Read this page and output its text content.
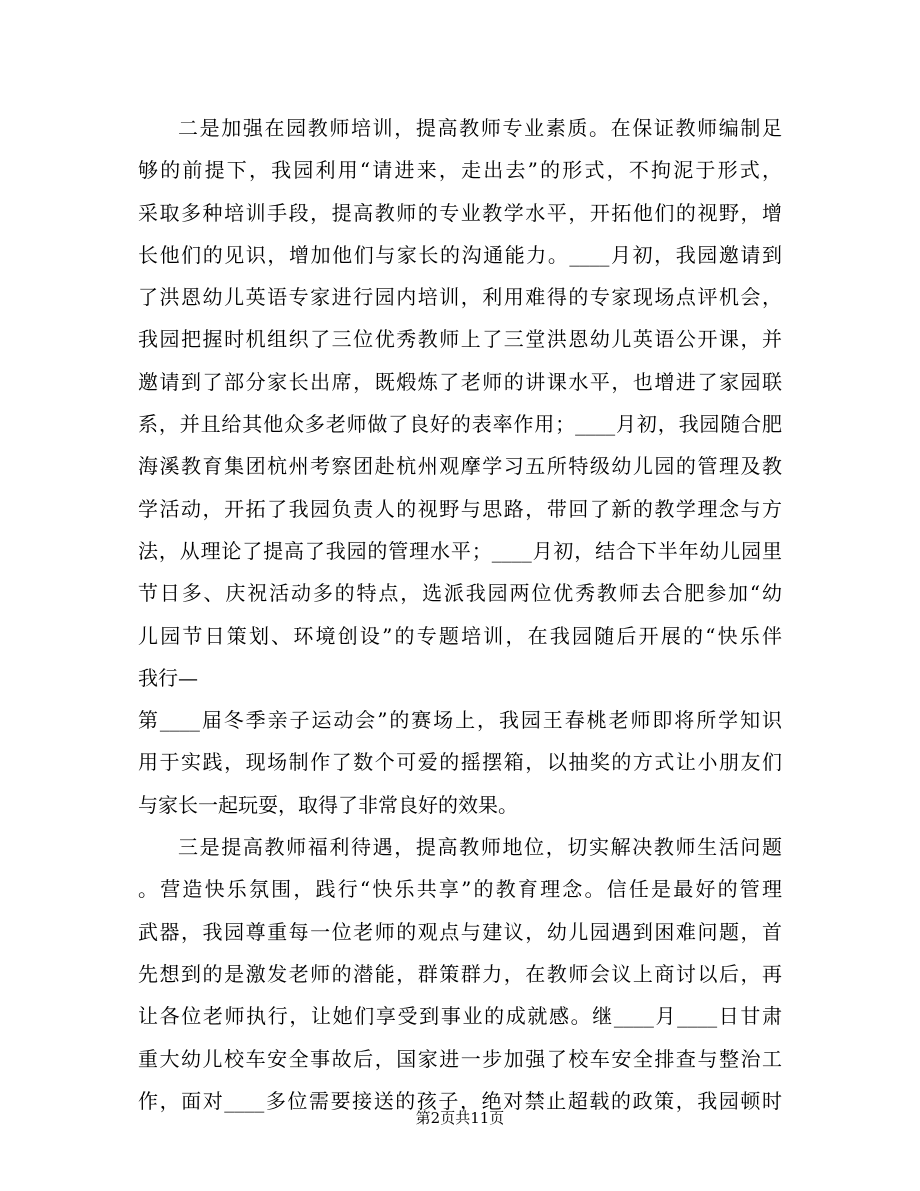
二是加强在园教师培训，提高教师专业素质。在保证教师编制足
够的前提下，我园利用“请进来，走出去”的形式，不拘泥于形式，
采取多种培训手段，提高教师的专业教学水平，开拓他们的视野，增
长他们的见识，增加他们与家长的沟通能力。____月初，我园邀请到
了洪恩幼儿英语专家进行园内培训，利用难得的专家现场点评机会，
我园把握时机组织了三位优秀教师上了三堂洪恩幼儿英语公开课，并
邀请到了部分家长出席，既煅炼了老师的讲课水平，也增进了家园联
系，并且给其他众多老师做了良好的表率作用；____月初，我园随合肥
海溪教育集团杭州考察团赴杭州观摩学习五所特级幼儿园的管理及教
学活动，开拓了我园负责人的视野与思路，带回了新的教学理念与方
法，从理论了提高了我园的管理水平；____月初，结合下半年幼儿园里
节日多、庆祝活动多的特点，选派我园两位优秀教师去合肥参加“幼
儿园节日策划、环境创设”的专题培训，在我园随后开展的“快乐伴
我行—
第____届冬季亲子运动会”的赛场上，我园王春桃老师即将所学知识
用于实践，现场制作了数个可爱的摇摆箱，以抽奖的方式让小朋友们
与家长一起玩耍，取得了非常良好的效果。
三是提高教师福利待遇，提高教师地位，切实解决教师生活问题
。营造快乐氛围，践行“快乐共享”的教育理念。信任是最好的管理
武器，我园尊重每一位老师的观点与建议，幼儿园遇到困难问题，首
先想到的是激发老师的潜能，群策群力，在教师会议上商讨以后，再
让各位老师执行，让她们享受到事业的成就感。继____月____日甘肃
重大幼儿校车安全事故后，国家进一步加强了校车安全排查与整治工
作，面对____多位需要接送的孩子，绝对禁止超载的政策，我园顿时
第2页共11页
